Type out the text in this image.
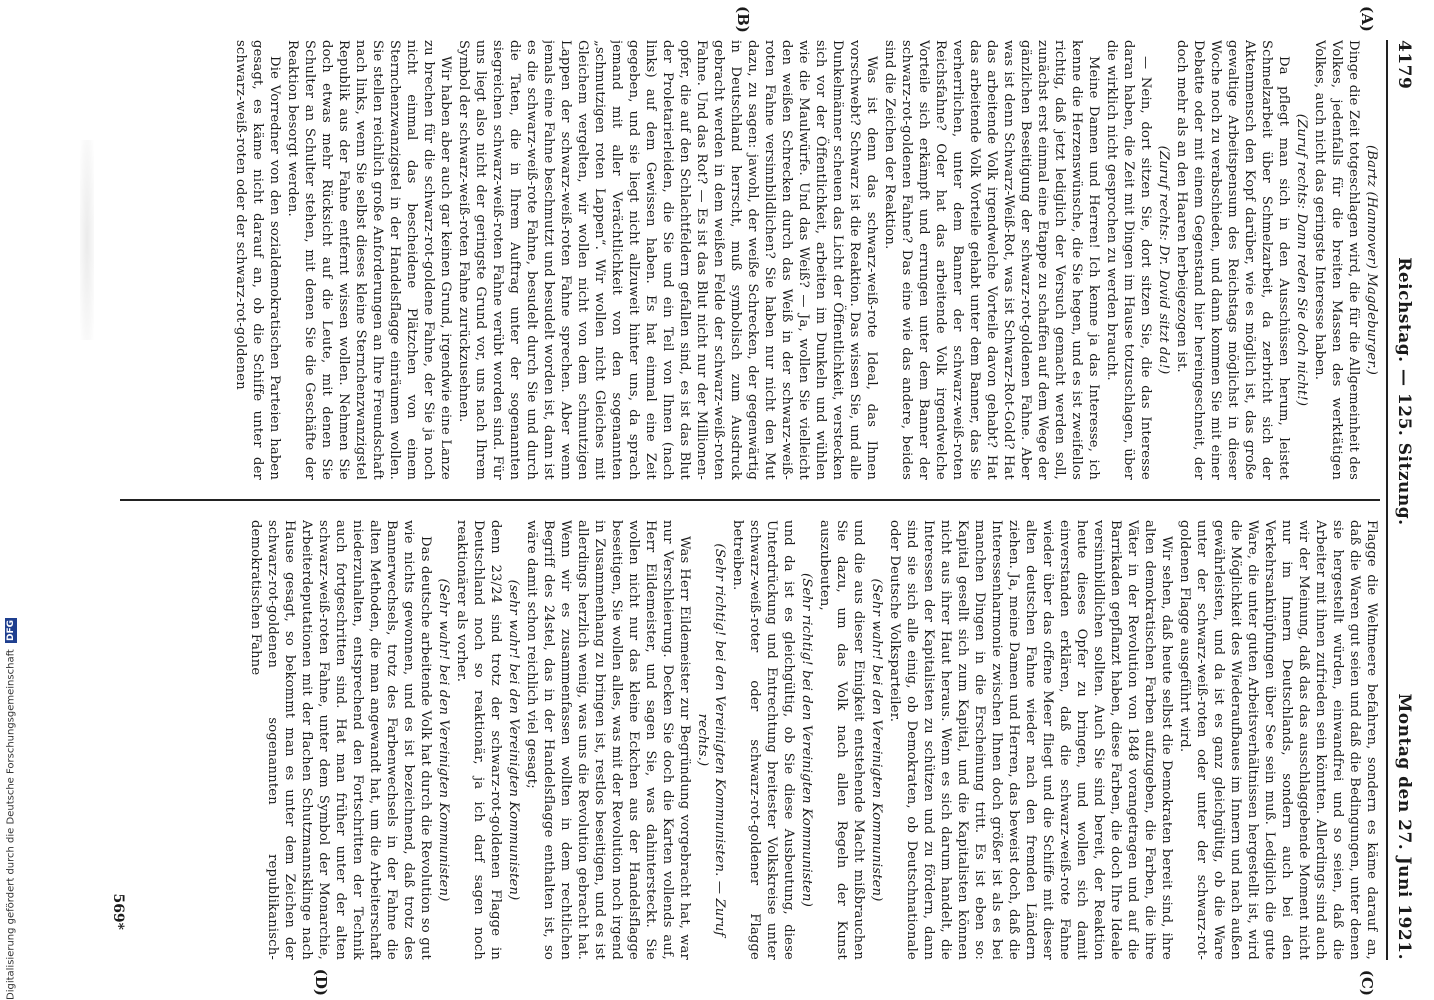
4179
Reichstag. — 125. Sitzung.
Montag den 27. Juni 1921.
(A)
(B)
(C)
(D)

(Bartz (Hannover) Magdeburger.)

Dinge die Zeit totgeschlagen wird, die für die Allgemeinheit des Volkes, jedenfalls für die breiten Massen des werktätigen Volkes, auch nicht das geringste Interesse haben.

(Zuruf rechts: Dann reden Sie doch nicht!)

Da pflegt man sich in den Ausschüssen herum, leistet Schmelzarbeit über Schmelzarbeit, da zerbricht sich der Aktenmensch den Kopf darüber, wie es möglich ist, das große gewaltige Arbeitspensum des Reichstags möglichst in dieser Woche noch zu verabschieden, und dann kommen Sie mit einer Debatte oder mit einem Gegenstand hier hereingeschneit, der doch mehr als an den Haaren herbeigezogen ist.

(Zuruf rechts: Dr. David sitzt da!)

— Nein, dort sitzen Sie, dort sitzen Sie, die das Interesse daran haben, die Zeit mit Dingen im Hause totzuschlagen, über die wirklich nicht gesprochen zu werden braucht.

Meine Damen und Herren! Ich kenne ja das Interesse, ich kenne die Herzenswünsche, die Sie hegen, und es ist zweifellos richtig, daß jetzt lediglich der Versuch gemacht werden soll, zunächst erst einmal eine Etappe zu schaffen auf dem Wege der gänzlichen Beseitigung der schwarz-rot-goldenen Fahne. Aber was ist denn Schwarz-Weiß-Rot, was ist Schwarz-Rot-Gold? Hat das arbeitende Volk irgendwelche Vorteile davon gehabt? Hat das arbeitende Volk Vorteile gehabt unter dem Banner, das Sie verherrlichen, unter dem Banner der schwarz-weiß-roten Reichsfahne? Oder hat das arbeitende Volk irgendwelche Vorteile sich erkämpft und errungen unter dem Banner der schwarz-rot-goldenen Fahne? Das eine wie das andere, beides sind die Zeichen der Reaktion.

Was ist denn das schwarz-weiß-rote Ideal, das Ihnen vorschwebt? Schwarz ist die Reaktion. Das wissen Sie, und alle Dunkelmänner scheuen das Licht der Öffentlichkeit, verstecken sich vor der Öffentlichkeit, arbeiten im Dunkeln und wühlen wie die Maulwürfe. Und das Weiß? — Ja, wollen Sie vielleicht den weißen Schrecken durch das Weiß in der schwarz-weiß-roten Fahne versinnbildlichen? Sie haben nur nicht den Mut dazu, zu sagen: jawohl, der weiße Schrecken, der gegenwärtig in Deutschland herrscht, muß symbolisch zum Ausdruck gebracht werden in dem weißen Felde der schwarz-weiß-roten Fahne. Und das Rot? — Es ist das Blut nicht nur der Millionen-opfer, die auf den Schlachtfeldern gefallen sind, es ist das Blut der Proletarierleiden, die Sie und ein Teil von Ihnen (nach links) auf dem Gewissen haben. Es hat einmal eine Zeit gegeben, und sie liegt nicht allzuweit hinter uns, da sprach jemand mit aller Verächtlichkeit von den sogenannten „schmutzigen roten Lappen“. Wir wollen nicht Gleiches mit Gleichem vergelten, wir wollen nicht von dem schmutzigen Lappen der schwarz-weiß-roten Fahne sprechen. Aber wenn jemals eine Fahne beschmutzt und besudelt worden ist, dann ist es die schwarz-weiß-rote Fahne, besudelt durch Sie und durch die Taten, die in Ihrem Auftrag unter der sogenannten siegreichen schwarz-weiß-roten Fahne verübt worden sind. Für uns liegt also nicht der geringste Grund vor, uns nach Ihrem Symbol der schwarz-weiß-roten Fahne zurückzusehnen.

Wir haben aber auch gar keinen Grund, irgendwie eine Lanze zu brechen für die schwarz-rot-goldene Fahne, der Sie ja noch nicht einmal das bescheidene Plätzchen von einem Sternchenzwanzigstel in der Handelsflagge einräumen wollen. Sie stellen reichlich große Anforderungen an Ihre Freundschaft nach links, wenn Sie selbst dieses kleine Sternchenzwanzigstel Republik aus der Fahne entfernt wissen wollen. Nehmen Sie doch etwas mehr Rücksicht auf die Leute, mit denen Sie Schulter an Schulter stehen, mit denen Sie die Geschäfte der Reaktion besorgt werden.

Die Vorredner von den sozialdemokratischen Parteien haben gesagt, es käme nicht darauf an, ob die Schiffe unter der schwarz-weiß-roten oder der schwarz-rot-goldenen

Flagge die Weltmeere befahren, sondern es käme darauf an, daß die Waren gut seien und daß die Bedingungen, unter denen sie hergestellt würden, einwandfrei und so seien, daß die Arbeiter mit ihnen zufrieden sein könnten. Allerdings sind auch wir der Meinung, daß das das ausschlaggebende Moment nicht nur im Innern Deutschlands, sondern auch bei den Verkehrsanknüpfungen über See sein muß. Lediglich die gute Ware, die unter guten Arbeitsverhältnissen hergestellt ist, wird die Möglichkeit des Wiederaufbaues im Innern und nach außen gewährleisten, und da ist es ganz gleichgültig, ob die Ware unter der schwarz-weiß-roten oder unter der schwarz-rot-goldenen Flagge ausgeführt wird.

Wir sehen, daß heute selbst die Demokraten bereit sind, ihre alten demokratischen Farben aufzugeben, die Farben, die ihre Väter in der Revolution von 1848 vorangetragen und auf die Barrikaden gepflanzt haben, diese Farben, die doch Ihre Ideale versinnbildlichen sollten. Auch Sie sind bereit, der Reaktion heute dieses Opfer zu bringen, und wollen sich damit einverstanden erklären, daß die schwarz-weiß-rote Fahne wieder über das offene Meer fliegt und die Schiffe mit dieser alten deutschen Fahne wieder nach den fremden Ländern ziehen. Ja, meine Damen und Herren, das beweist doch, daß die Interessenharmonie zwischen Ihnen doch größer ist als es bei manchen Dingen in die Erscheinung tritt. Es ist eben so: Kapital gesellt sich zum Kapital, und die Kapitalisten können nicht aus ihrer Haut heraus. Wenn es sich darum handelt, die Interessen der Kapitalisten zu schützen und zu fördern, dann sind sie sich alle einig, ob Demokraten, ob Deutschnationale oder Deutsche Volksparteiler.

(Sehr wahr! bei den Vereinigten Kommunisten)

und die aus dieser Einigkeit entstehende Macht mißbrauchen Sie dazu, um das Volk nach allen Regeln der Kunst auszubeuten,

(Sehr richtig! bei den Vereinigten Kommunisten)

und da ist es gleichgültig, ob Sie diese Ausbeutung, diese Unterdrückung und Entrechtung breitester Volkskreise unter schwarz-weiß-roter oder schwarz-rot-goldener Flagge betreiben.

(Sehr richtig! bei den Vereinigten Kommunisten. — Zuruf rechts.)

Was Herr Eildemeister zur Begründung vorgebracht hat, war nur Verschleierung. Decken Sie doch die Karten vollends auf, Herr Eildemeister, und sagen Sie, was dahintersteckt. Sie wollen nicht nur das kleine Eckchen aus der Handelsflagge beseitigen, Sie wollen alles, was mit der Revolution noch irgend in Zusammenhang zu bringen ist, restlos beseitigen, und es ist allerdings herzlich wenig, was uns die Revolution gebracht hat. Wenn wir es zusammenfassen wollten in dem rechtlichen Begriff des 24stel, das in der Handelsflagge enthalten ist, so wäre damit schon reichlich viel gesagt;

(sehr wahr! bei den Vereinigten Kommunisten)

denn 23/24 sind trotz der schwarz-rot-goldenen Flagge in Deutschland noch so reaktionär, ja ich darf sagen noch reaktionärer als vorher.

(Sehr wahr! bei den Vereinigten Kommunisten)

Das deutsche arbeitende Volk hat durch die Revolution so gut wie nichts gewonnen, und es ist bezeichnend, daß trotz des Bannerwechsels, trotz des Farbenwechsels in der Fahne die alten Methoden, die man angewandt hat, um die Arbeiterschaft niederzuhalten, entsprechend den Fortschritten der Technik auch fortgeschritten sind. Hat man früher unter der alten schwarz-weiß-roten Fahne, unter dem Symbol der Monarchie, Arbeiterdeputationen mit der flachen Schutzmannsklinge nach Hause gesagt, so bekommt man es unter dem Zeichen der schwarz-rot-goldenen sogenannten republikanisch-demokratischen Fahne

569*
Digitalisierung gefördert durch die Deutsche Forschungsgemeinschaft
DFG
